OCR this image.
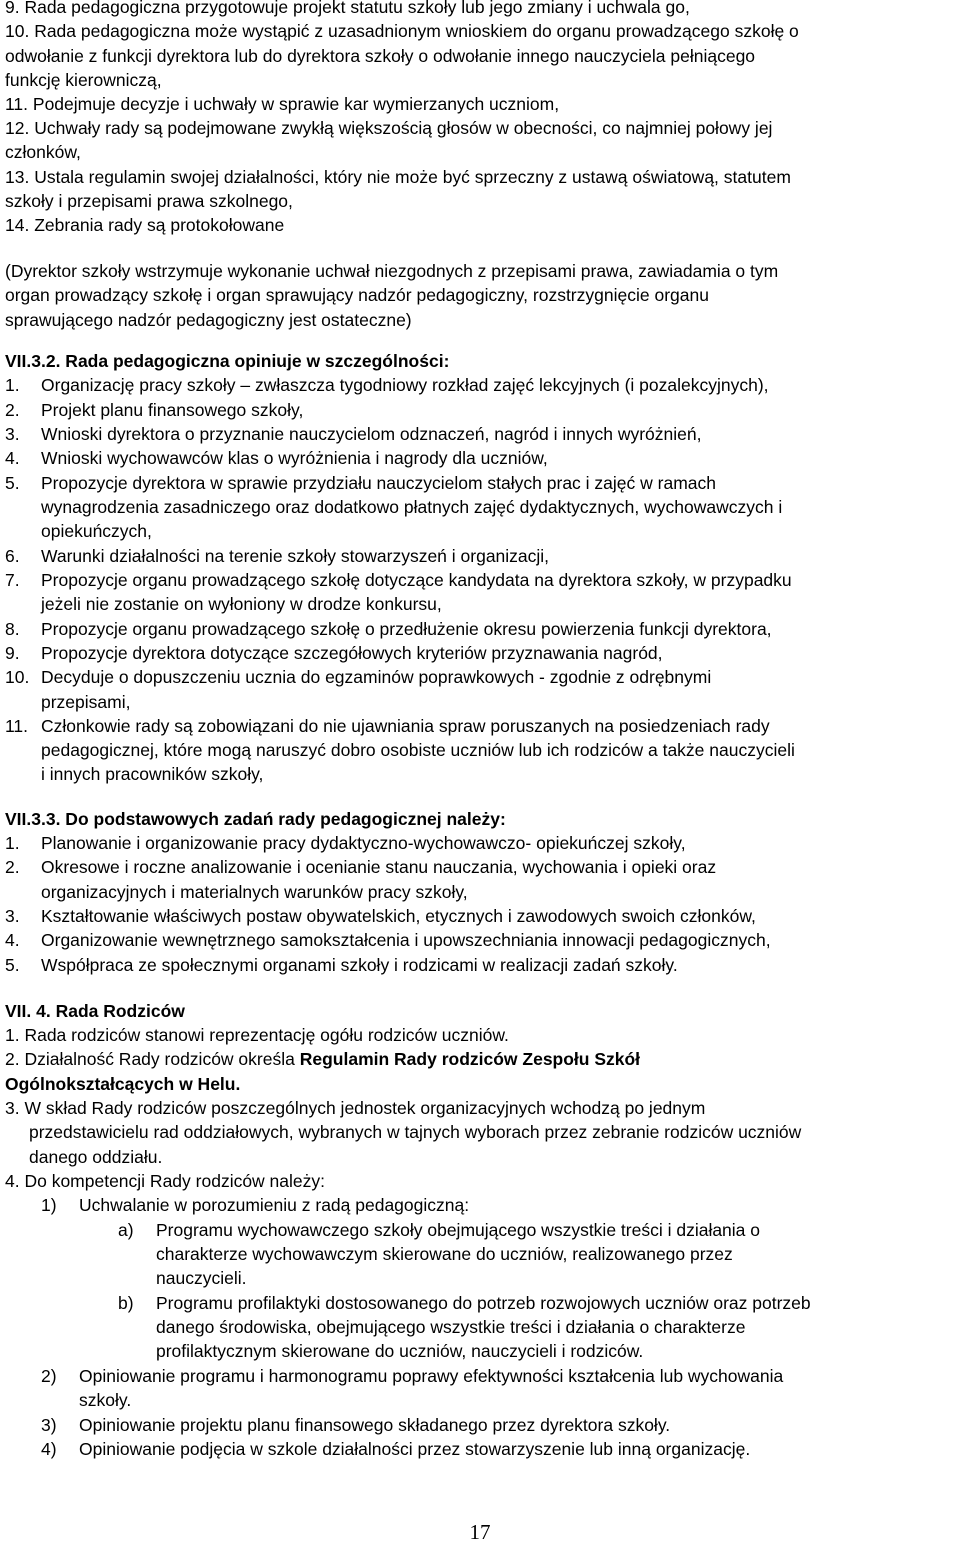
9. Rada pedagogiczna przygotowuje projekt statutu szkoły lub jego zmiany i uchwala go,
10. Rada pedagogiczna może wystąpić z uzasadnionym wnioskiem do organu prowadzącego szkołę o
odwołanie z funkcji dyrektora lub do dyrektora szkoły o odwołanie innego nauczyciela pełniącego
funkcję kierowniczą,
11. Podejmuje decyzje i uchwały w sprawie kar wymierzanych uczniom,
12. Uchwały rady są podejmowane zwykłą większością głosów w obecności, co najmniej połowy jej
członków,
13. Ustala regulamin swojej działalności, który nie może być sprzeczny z ustawą oświatową, statutem
szkoły i przepisami prawa szkolnego,
14. Zebrania rady są protokołowane
(Dyrektor szkoły wstrzymuje wykonanie uchwał niezgodnych z przepisami prawa, zawiadamia o tym
organ prowadzący szkołę i organ sprawujący nadzór pedagogiczny, rozstrzygnięcie organu
sprawującego nadzór pedagogiczny jest ostateczne)
VII.3.2. Rada pedagogiczna opiniuje w szczególności:
1. Organizację pracy szkoły – zwłaszcza tygodniowy rozkład zajęć lekcyjnych (i pozalekcyjnych),
2. Projekt planu finansowego szkoły,
3. Wnioski dyrektora o przyznanie nauczycielom odznaczeń, nagród i innych wyróżnień,
4. Wnioski wychowawców klas o wyróżnienia i nagrody dla uczniów,
5. Propozycje dyrektora w sprawie przydziału nauczycielom stałych prac i zajęć w ramach
wynagrodzenia zasadniczego oraz dodatkowo płatnych zajęć dydaktycznych, wychowawczych i
opiekuńczych,
6. Warunki działalności na terenie szkoły stowarzyszeń i organizacji,
7. Propozycje organu prowadzącego szkołę dotyczące kandydata na dyrektora szkoły, w przypadku
jeżeli nie zostanie on wyłoniony w drodze konkursu,
8. Propozycje organu prowadzącego szkołę o przedłużenie okresu powierzenia funkcji dyrektora,
9. Propozycje dyrektora dotyczące szczegółowych kryteriów przyznawania nagród,
10. Decyduje o dopuszczeniu ucznia do egzaminów poprawkowych - zgodnie z odrębnymi
przepisami,
11. Członkowie rady są zobowiązani do nie ujawniania spraw poruszanych na posiedzeniach rady
pedagogicznej, które mogą naruszyć dobro osobiste uczniów lub ich rodziców a także nauczycieli
i innych pracowników szkoły,
VII.3.3. Do podstawowych zadań rady pedagogicznej należy:
1. Planowanie i organizowanie pracy dydaktyczno-wychowawczo- opiekuńczej szkoły,
2. Okresowe i roczne analizowanie i ocenianie stanu nauczania, wychowania i opieki oraz
organizacyjnych i materialnych warunków pracy szkoły,
3. Kształtowanie właściwych postaw obywatelskich, etycznych i zawodowych swoich członków,
4. Organizowanie wewnętrznego samokształcenia i upowszechniania innowacji pedagogicznych,
5. Współpraca ze społecznymi organami szkoły i rodzicami w realizacji zadań szkoły.
VII. 4. Rada Rodziców
1. Rada rodziców stanowi reprezentację ogółu rodziców uczniów.
2. Działalność Rady rodziców określa Regulamin Rady rodziców Zespołu Szkół
Ogólnokształcących w Helu.
3. W skład Rady rodziców poszczególnych jednostek organizacyjnych wchodzą po jednym
przedstawicielu rad oddziałowych, wybranych w tajnych wyborach przez zebranie rodziców uczniów
danego oddziału.
4. Do kompetencji Rady rodziców należy:
1) Uchwalanie w porozumieniu z radą pedagogiczną:
a) Programu wychowawczego szkoły obejmującego wszystkie treści i działania o
charakterze wychowawczym skierowane do uczniów, realizowanego przez
nauczycieli.
b) Programu profilaktyki dostosowanego do potrzeb rozwojowych uczniów oraz potrzeb
danego środowiska, obejmującego wszystkie treści i działania o charakterze
profilaktycznym skierowane do uczniów, nauczycieli i rodziców.
2) Opiniowanie programu i harmonogramu poprawy efektywności kształcenia lub wychowania
szkoły.
3) Opiniowanie projektu planu finansowego składanego przez dyrektora szkoły.
4) Opiniowanie podjęcia w szkole działalności przez stowarzyszenie lub inną organizację.
17
